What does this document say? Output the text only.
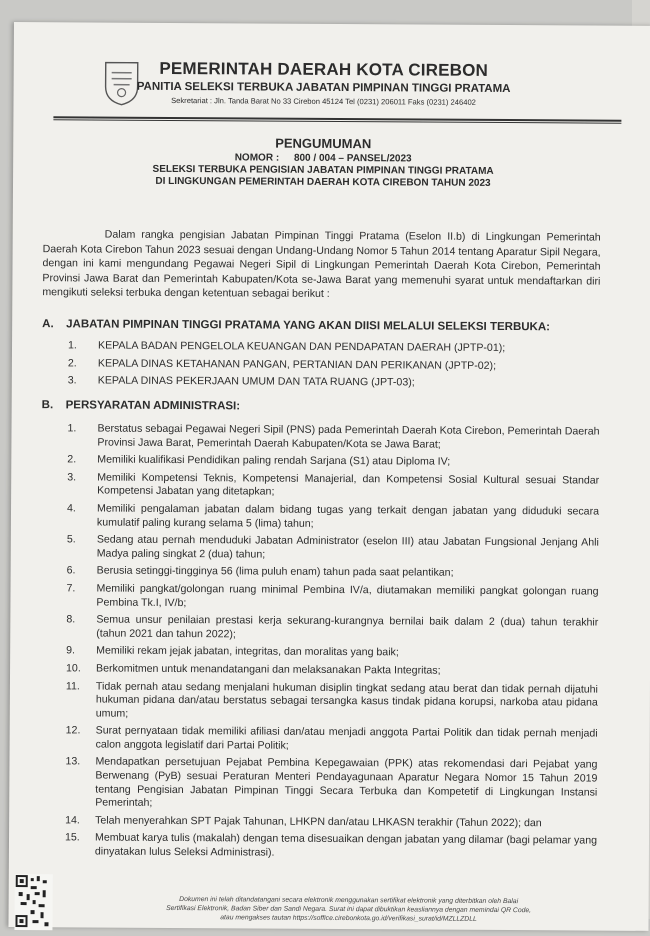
PEMERINTAH DAERAH KOTA CIREBON
PANITIA SELEKSI TERBUKA JABATAN PIMPINAN TINGGI PRATAMA
Sekretariat : Jln. Tanda Barat No 33 Cirebon 45124 Tel (0231) 206011 Faks (0231) 246402
PENGUMUMAN
NOMOR : 800 / 004 – PANSEL/2023
SELEKSI TERBUKA PENGISIAN JABATAN PIMPINAN TINGGI PRATAMA
DI LINGKUNGAN PEMERINTAH DAERAH KOTA CIREBON TAHUN 2023
Dalam rangka pengisian Jabatan Pimpinan Tinggi Pratama (Eselon II.b) di Lingkungan Pemerintah Daerah Kota Cirebon Tahun 2023 sesuai dengan Undang-Undang Nomor 5 Tahun 2014 tentang Aparatur Sipil Negara, dengan ini kami mengundang Pegawai Negeri Sipil di Lingkungan Pemerintah Daerah Kota Cirebon, Pemerintah Provinsi Jawa Barat dan Pemerintah Kabupaten/Kota se-Jawa Barat yang memenuhi syarat untuk mendaftarkan diri mengikuti seleksi terbuka dengan ketentuan sebagai berikut :
A. JABATAN PIMPINAN TINGGI PRATAMA YANG AKAN DIISI MELALUI SELEKSI TERBUKA:
1. KEPALA BADAN PENGELOLA KEUANGAN DAN PENDAPATAN DAERAH (JPTP-01);
2. KEPALA DINAS KETAHANAN PANGAN, PERTANIAN DAN PERIKANAN (JPTP-02);
3. KEPALA DINAS PEKERJAAN UMUM DAN TATA RUANG (JPT-03);
B. PERSYARATAN ADMINISTRASI:
1. Berstatus sebagai Pegawai Negeri Sipil (PNS) pada Pemerintah Daerah Kota Cirebon, Pemerintah Daerah Provinsi Jawa Barat, Pemerintah Daerah Kabupaten/Kota se Jawa Barat;
2. Memiliki kualifikasi Pendidikan paling rendah Sarjana (S1) atau Diploma IV;
3. Memiliki Kompetensi Teknis, Kompetensi Manajerial, dan Kompetensi Sosial Kultural sesuai Standar Kompetensi Jabatan yang ditetapkan;
4. Memiliki pengalaman jabatan dalam bidang tugas yang terkait dengan jabatan yang diduduki secara kumulatif paling kurang selama 5 (lima) tahun;
5. Sedang atau pernah menduduki Jabatan Administrator (eselon III) atau Jabatan Fungsional Jenjang Ahli Madya paling singkat 2 (dua) tahun;
6. Berusia setinggi-tingginya 56 (lima puluh enam) tahun pada saat pelantikan;
7. Memiliki pangkat/golongan ruang minimal Pembina IV/a, diutamakan memiliki pangkat golongan ruang Pembina Tk.I, IV/b;
8. Semua unsur penilaian prestasi kerja sekurang-kurangnya bernilai baik dalam 2 (dua) tahun terakhir (tahun 2021 dan tahun 2022);
9. Memiliki rekam jejak jabatan, integritas, dan moralitas yang baik;
10. Berkomitmen untuk menandatangani dan melaksanakan Pakta Integritas;
11. Tidak pernah atau sedang menjalani hukuman disiplin tingkat sedang atau berat dan tidak pernah dijatuhi hukuman pidana dan/atau berstatus sebagai tersangka kasus tindak pidana korupsi, narkoba atau pidana umum;
12. Surat pernyataan tidak memiliki afiliasi dan/atau menjadi anggota Partai Politik dan tidak pernah menjadi calon anggota legislatif dari Partai Politik;
13. Mendapatkan persetujuan Pejabat Pembina Kepegawaian (PPK) atas rekomendasi dari Pejabat yang Berwenang (PyB) sesuai Peraturan Menteri Pendayagunaan Aparatur Negara Nomor 15 Tahun 2019 tentang Pengisian Jabatan Pimpinan Tinggi Secara Terbuka dan Kompetetif di Lingkungan Instansi Pemerintah;
14. Telah menyerahkan SPT Pajak Tahunan, LHKPN dan/atau LHKASN terakhir (Tahun 2022); dan
15. Membuat karya tulis (makalah) dengan tema disesuaikan dengan jabatan yang dilamar (bagi pelamar yang dinyatakan lulus Seleksi Administrasi).
Dokumen ini telah ditandatangani secara elektronik menggunakan sertifikat elektronik yang diterbitkan oleh Balai
Sertifikasi Elektronik, Badan Siber dan Sandi Negara. Surat ini dapat dibuktikan keasliannya dengan memindai QR Code,
atau mengakses tautan https://soffice.cirebonkota.go.id/verifikasi_surat/id/MZLLZDLL
